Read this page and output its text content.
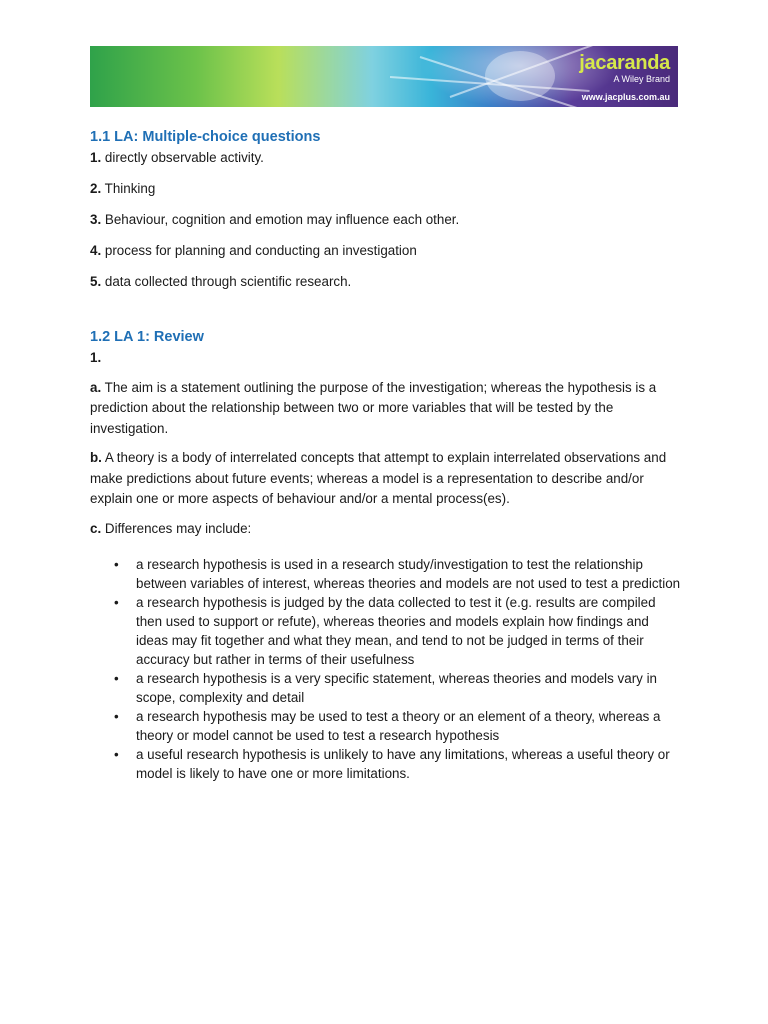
jacaranda
A Wiley Brand
www.jacplus.com.au
1.1 LA: Multiple-choice questions

1. directly observable activity.

2. Thinking

3. Behaviour, cognition and emotion may influence each other.

4. process for planning and conducting an investigation

5. data collected through scientific research.

1.2 LA 1: Review

1.

a. The aim is a statement outlining the purpose of the investigation; whereas the hypothesis is a prediction about the relationship between two or more variables that will be tested by the investigation.

b. A theory is a body of interrelated concepts that attempt to explain interrelated observations and make predictions about future events; whereas a model is a representation to describe and/or explain one or more aspects of behaviour and/or a mental process(es).

c. Differences may include:

• a research hypothesis is used in a research study/investigation to test the relationship between variables of interest, whereas theories and models are not used to test a prediction
• a research hypothesis is judged by the data collected to test it (e.g. results are compiled then used to support or refute), whereas theories and models explain how findings and ideas may fit together and what they mean, and tend to not be judged in terms of their accuracy but rather in terms of their usefulness
• a research hypothesis is a very specific statement, whereas theories and models vary in scope, complexity and detail
• a research hypothesis may be used to test a theory or an element of a theory, whereas a theory or model cannot be used to test a research hypothesis
• a useful research hypothesis is unlikely to have any limitations, whereas a useful theory or model is likely to have one or more limitations.
